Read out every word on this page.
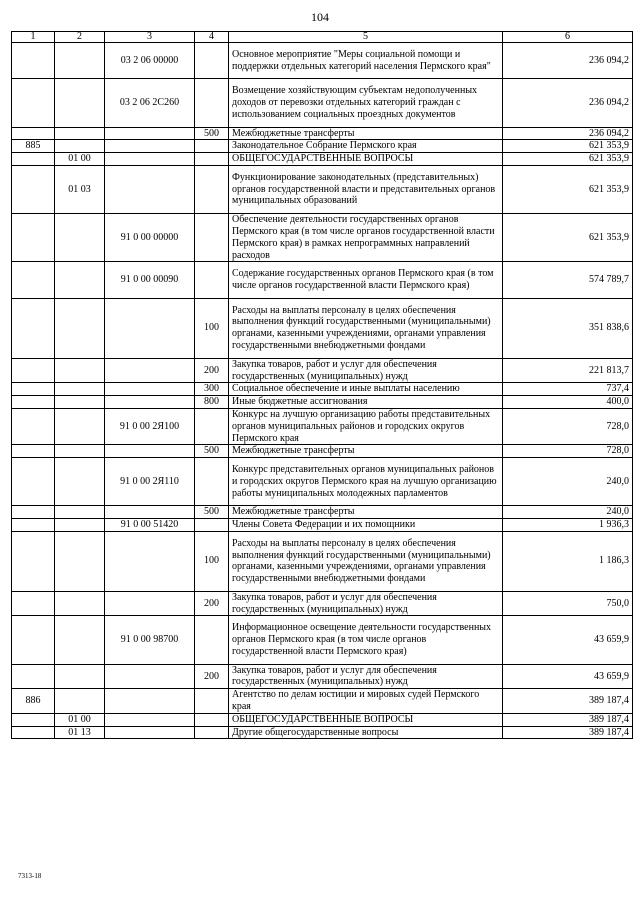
104
1	2	3	4	5	6
		03 2 06 00000		Основное мероприятие "Меры социальной помощи и поддержки отдельных категорий населения Пермского края"	236 094,2
		03 2 06 2С260		Возмещение хозяйствующим субъектам недополученных доходов от перевозки отдельных категорий граждан с использованием социальных проездных документов	236 094,2
			500	Межбюджетные трансферты	236 094,2
885				Законодательное Собрание Пермского края	621 353,9
	01 00			ОБЩЕГОСУДАРСТВЕННЫЕ ВОПРОСЫ	621 353,9
	01 03			Функционирование законодательных (представительных) органов государственной власти и представительных органов муниципальных образований	621 353,9
		91 0 00 00000		Обеспечение деятельности государственных органов Пермского края (в том числе органов государственной власти Пермского края) в рамках непрограммных направлений расходов	621 353,9
		91 0 00 00090		Содержание государственных органов Пермского края (в том числе органов государственной власти Пермского края)	574 789,7
			100	Расходы на выплаты персоналу в целях обеспечения выполнения функций государственными (муниципальными) органами, казенными учреждениями, органами управления государственными внебюджетными фондами	351 838,6
			200	Закупка товаров, работ и услуг для обеспечения государственных (муниципальных) нужд	221 813,7
			300	Социальное обеспечение и иные выплаты населению	737,4
			800	Иные бюджетные ассигнования	400,0
		91 0 00 2Я100		Конкурс на лучшую организацию работы представительных органов муниципальных районов и городских округов Пермского края	728,0
			500	Межбюджетные трансферты	728,0
		91 0 00 2Я110		Конкурс представительных органов муниципальных районов и городских округов Пермского края на лучшую организацию работы муниципальных молодежных парламентов	240,0
			500	Межбюджетные трансферты	240,0
		91 0 00 51420		Члены Совета Федерации и их помощники	1 936,3
			100	Расходы на выплаты персоналу в целях обеспечения выполнения функций государственными (муниципальными) органами, казенными учреждениями, органами управления государственными внебюджетными фондами	1 186,3
			200	Закупка товаров, работ и услуг для обеспечения государственных (муниципальных) нужд	750,0
		91 0 00 98700		Информационное освещение деятельности государственных органов Пермского края (в том числе органов государственной власти Пермского края)	43 659,9
			200	Закупка товаров, работ и услуг для обеспечения государственных (муниципальных) нужд	43 659,9
886				Агентство по делам юстиции и мировых судей Пермского края	389 187,4
	01 00			ОБЩЕГОСУДАРСТВЕННЫЕ ВОПРОСЫ	389 187,4
	01 13			Другие общегосударственные вопросы	389 187,4
7313-18
